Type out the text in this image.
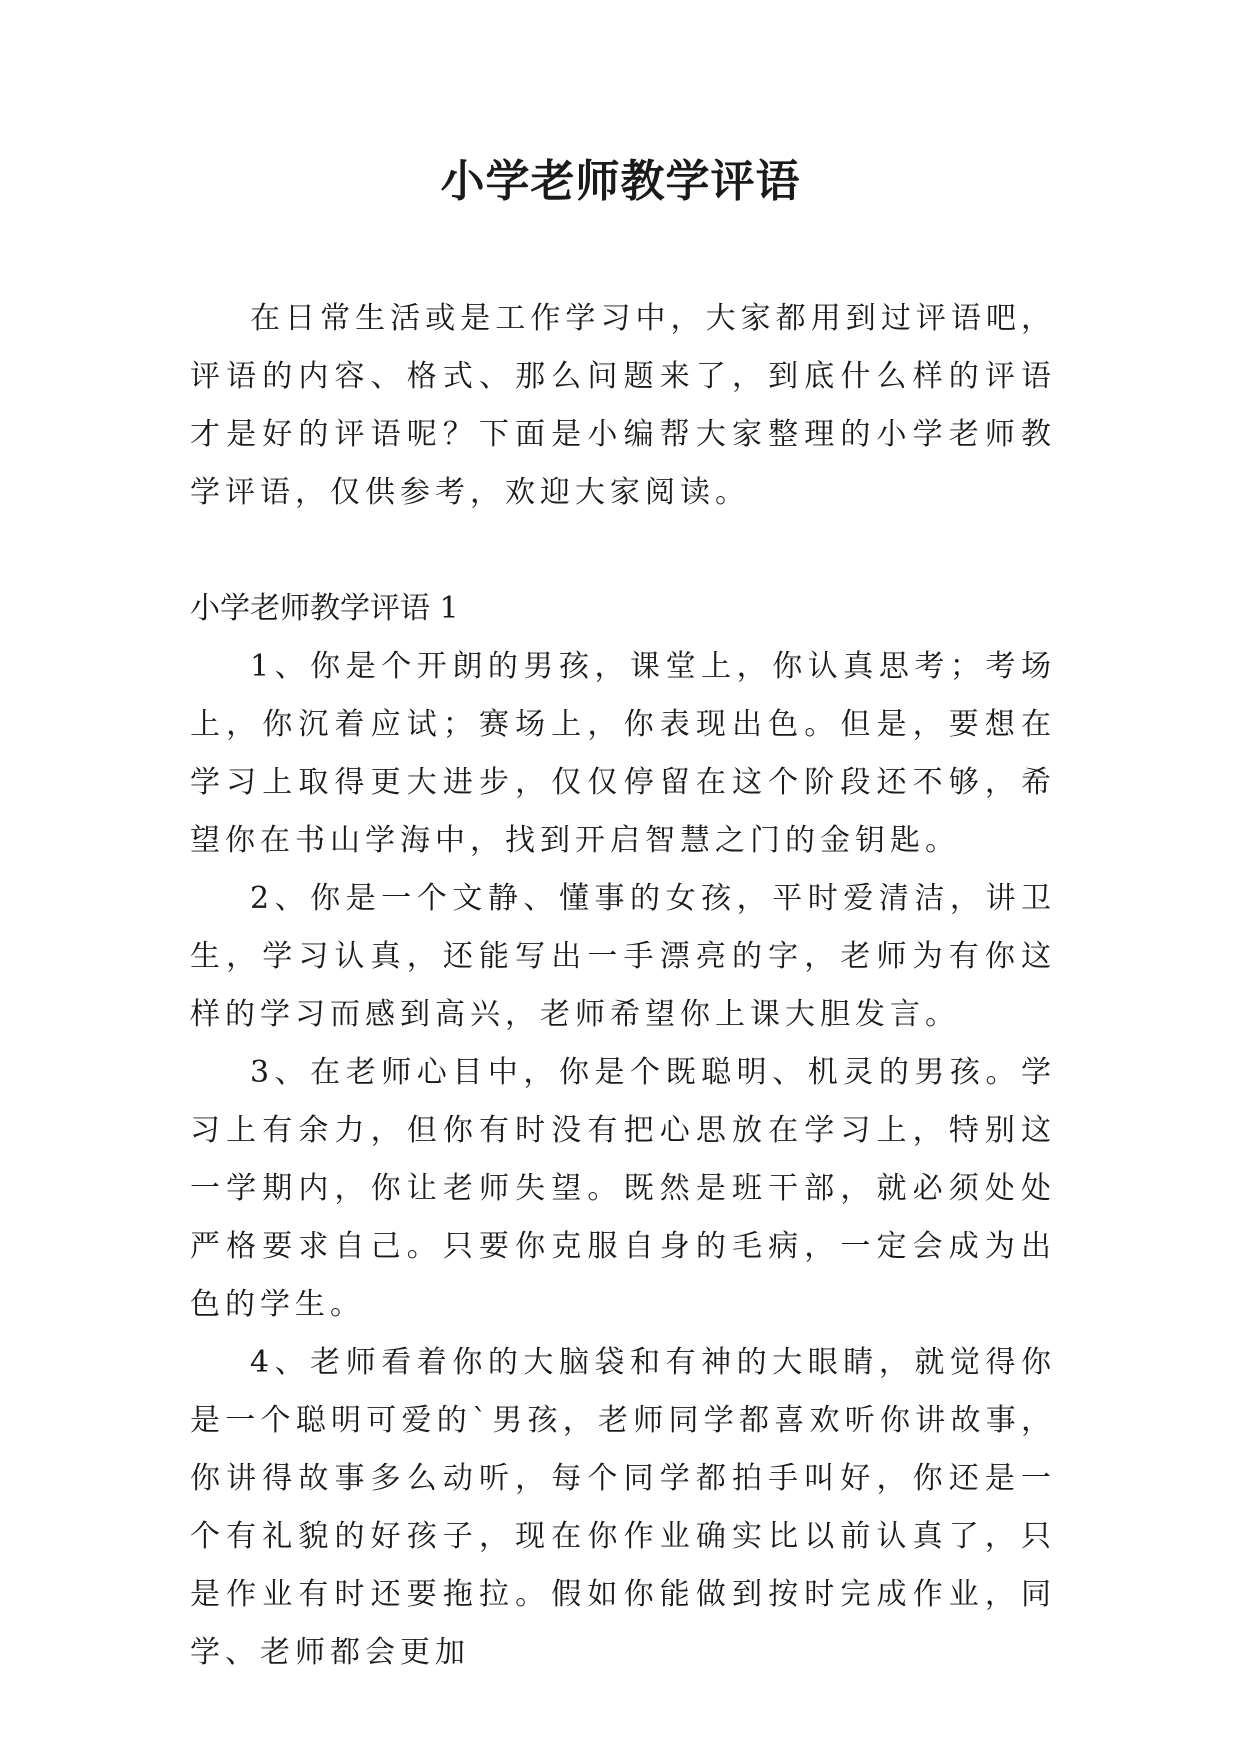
小学老师教学评语

在日常生活或是工作学习中，大家都用到过评语吧，评语的内容、格式、那么问题来了，到底什么样的评语才是好的评语呢？下面是小编帮大家整理的小学老师教学评语，仅供参考，欢迎大家阅读。

小学老师教学评语 1

1、你是个开朗的男孩，课堂上，你认真思考；考场上，你沉着应试；赛场上，你表现出色。但是，要想在学习上取得更大进步，仅仅停留在这个阶段还不够，希望你在书山学海中，找到开启智慧之门的金钥匙。

2、你是一个文静、懂事的女孩，平时爱清洁，讲卫生，学习认真，还能写出一手漂亮的字，老师为有你这样的学习而感到高兴，老师希望你上课大胆发言。

3、在老师心目中，你是个既聪明、机灵的男孩。学习上有余力，但你有时没有把心思放在学习上，特别这一学期内，你让老师失望。既然是班干部，就必须处处严格要求自己。只要你克服自身的毛病，一定会成为出色的学生。

4、老师看着你的大脑袋和有神的大眼睛，就觉得你是一个聪明可爱的`男孩，老师同学都喜欢听你讲故事，你讲得故事多么动听，每个同学都拍手叫好，你还是一个有礼貌的好孩子，现在你作业确实比以前认真了，只是作业有时还要拖拉。假如你能做到按时完成作业，同学、老师都会更加
